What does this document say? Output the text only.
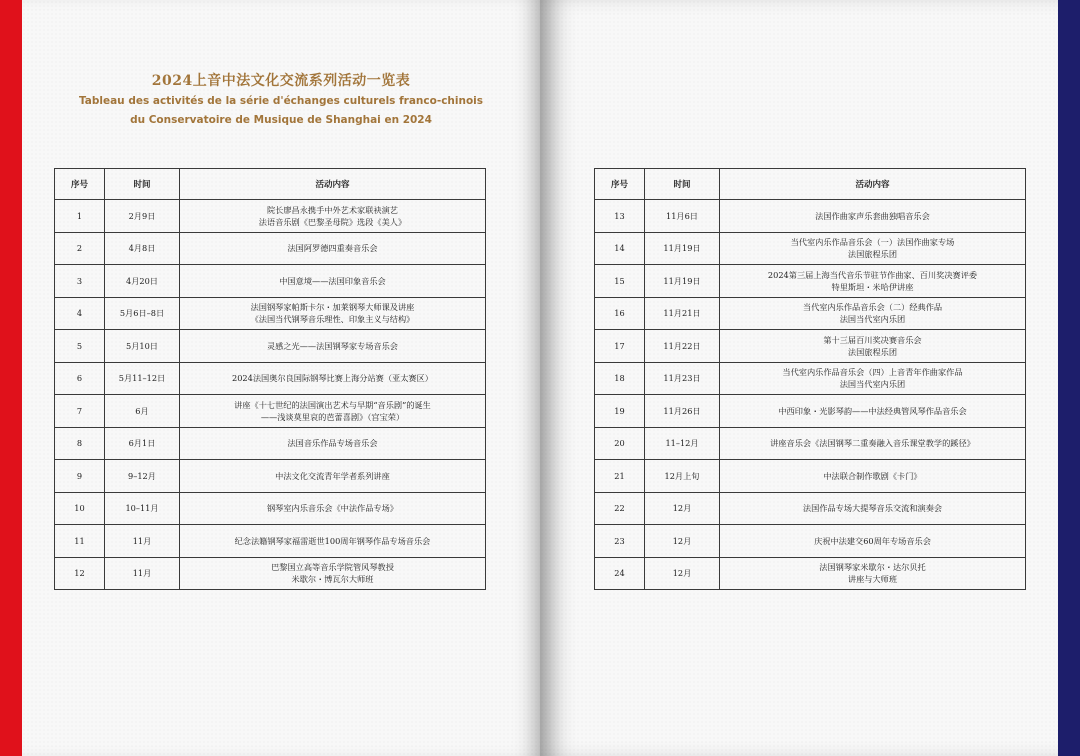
2024上音中法文化交流系列活动一览表
Tableau des activités de la série d'échanges culturels franco-chinois
du Conservatoire de Musique de Shanghai en 2024
序号	时间	活动内容
1	2月9日	院长廖昌永携手中外艺术家联袂演艺
法语音乐剧《巴黎圣母院》选段《美人》

2	4月8日	法国阿罗德四重奏音乐会

3	4月20日	中国意境——法国印象音乐会

4	5月6日–8日	法国钢琴家帕斯卡尔・加莱钢琴大师课及讲座
《法国当代钢琴音乐理性、印象主义与结构》

5	5月10日	灵感之光——法国钢琴家专场音乐会

6	5月11–12日	2024法国奥尔良国际钢琴比赛上海分站赛（亚太赛区）

7	6月	讲座《十七世纪的法国演出艺术与早期“音乐剧”的诞生
——浅谈莫里哀的芭蕾喜剧》（宫宝荣）

8	6月1日	法国音乐作品专场音乐会

9	9–12月	中法文化交流青年学者系列讲座

10	10–11月	钢琴室内乐音乐会《中法作品专场》

11	11月	纪念法籍钢琴家福雷逝世100周年钢琴作品专场音乐会

12	11月	巴黎国立高等音乐学院管风琴教授
米歇尔・博瓦尔大师班
序号	时间	活动内容
13	11月6日	法国作曲家声乐套曲独唱音乐会

14	11月19日	当代室内乐作品音乐会（一）法国作曲家专场
法国旅程乐团

15	11月19日	2024第三届上海当代音乐节驻节作曲家、百川奖决赛评委
特里斯坦・米哈伊讲座

16	11月21日	当代室内乐作品音乐会（二）经典作品
法国当代室内乐团

17	11月22日	第十三届百川奖决赛音乐会
法国旅程乐团

18	11月23日	当代室内乐作品音乐会（四）上音青年作曲家作品
法国当代室内乐团

19	11月26日	中西印象・光影琴韵——中法经典管风琴作品音乐会

20	11–12月	讲座音乐会《法国钢琴二重奏融入音乐课堂教学的蹊径》

21	12月上旬	中法联合制作歌剧《卡门》

22	12月	法国作品专场大提琴音乐交流和演奏会

23	12月	庆祝中法建交60周年专场音乐会

24	12月	法国钢琴家米歇尔・达尔贝托
讲座与大师班
